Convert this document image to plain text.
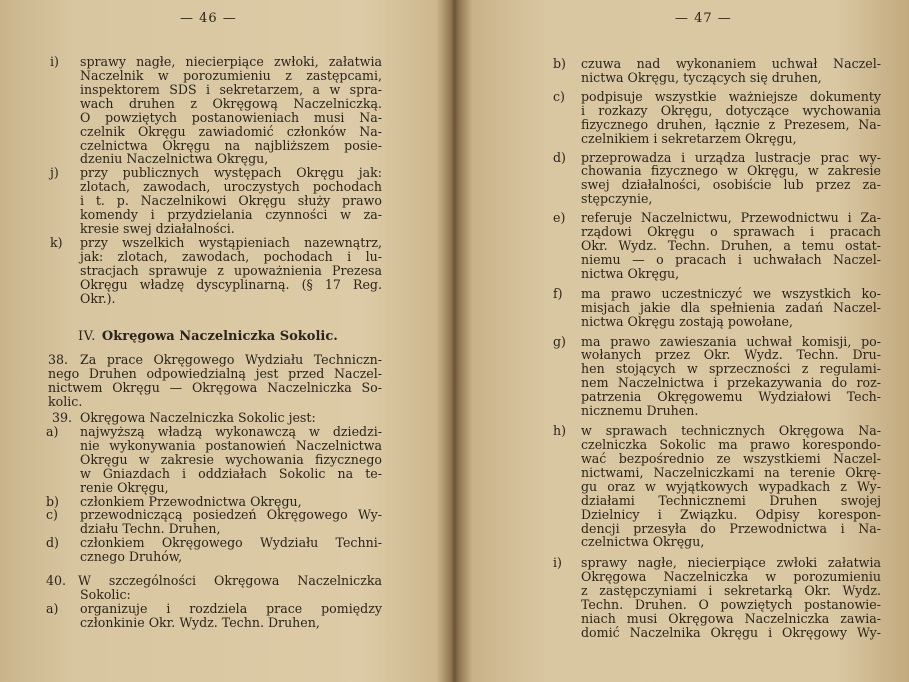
— 46 —
i) sprawy nagłe, niecierpiące zwłoki, załatwia
Naczelnik w porozumieniu z zastępcami,
inspektorem SDS i sekretarzem, a w spra-
wach druhen z Okręgową Naczelniczką.
O powziętych postanowieniach musi Na-
czelnik Okręgu zawiadomić członków Na-
czelnictwa Okręgu na najbliższem posie-
dzeniu Naczelnictwa Okręgu,
j) przy publicznych występach Okręgu jak:
zlotach, zawodach, uroczystych pochodach
i t. p. Naczelnikowi Okręgu służy prawo
komendy i przydzielania czynności w za-
kresie swej działalności.
k) przy wszelkich wystąpieniach nazewnątrz,
jak: zlotach, zawodach, pochodach i lu-
stracjach sprawuje z upoważnienia Prezesa
Okręgu władzę dyscyplinarną. (§ 17 Reg.
Okr.).
IV. Okręgowa Naczelniczka Sokolic.
38. Za prace Okręgowego Wydziału Techniczn-
nego Druhen odpowiedzialną jest przed Naczel-
nictwem Okręgu — Okręgowa Naczelniczka So-
kolic.
39. Okręgowa Naczelniczka Sokolic jest:
a) najwyższą władzą wykonawczą w dziedzi-
nie wykonywania postanowień Naczelnictwa
Okręgu w zakresie wychowania fizycznego
w Gniazdach i oddziałach Sokolic na te-
renie Okręgu,
b) członkiem Przewodnictwa Okręgu,
c) przewodniczącą posiedzeń Okręgowego Wy-
działu Techn. Druhen,
d) członkiem Okręgowego Wydziału Techni-
cznego Druhów,
40. W szczególności Okręgowa Naczelniczka
Sokolic:
a) organizuje i rozdziela prace pomiędzy
członkinie Okr. Wydz. Techn. Druhen,
— 47 —
b) czuwa nad wykonaniem uchwał Naczel-
nictwa Okręgu, tyczących się druhen,
c) podpisuje wszystkie ważniejsze dokumenty
i rozkazy Okręgu, dotyczące wychowania
fizycznego druhen, łącznie z Prezesem, Na-
czelnikiem i sekretarzem Okręgu,
d) przeprowadza i urządza lustracje prac wy-
chowania fizycznego w Okręgu, w zakresie
swej działalności, osobiście lub przez za-
stępczynie,
e) referuje Naczelnictwu, Przewodnictwu i Za-
rządowi Okręgu o sprawach i pracach
Okr. Wydz. Techn. Druhen, a temu ostat-
niemu — o pracach i uchwałach Naczel-
nictwa Okręgu,
f) ma prawo uczestniczyć we wszystkich ko-
misjach jakie dla spełnienia zadań Naczel-
nictwa Okręgu zostają powołane,
g) ma prawo zawieszania uchwał komisji, po-
wołanych przez Okr. Wydz. Techn. Dru-
hen stojących w sprzeczności z regulami-
nem Naczelnictwa i przekazywania do roz-
patrzenia Okręgowemu Wydziałowi Tech-
nicznemu Druhen.
h) w sprawach technicznych Okręgowa Na-
czelniczka Sokolic ma prawo korespondo-
wać bezpośrednio ze wszystkiemi Naczel-
nictwami, Naczelniczkami na terenie Okrę-
gu oraz w wyjątkowych wypadkach z Wy-
działami Technicznemi Druhen swojej
Dzielnicy i Związku. Odpisy korespon-
dencji przesyła do Przewodnictwa i Na-
czelnictwa Okręgu,
i) sprawy nagłe, niecierpiące zwłoki załatwia
Okręgowa Naczelniczka w porozumieniu
z zastępczyniami i sekretarką Okr. Wydz.
Techn. Druhen. O powziętych postanowie-
niach musi Okręgowa Naczelniczka zawia-
domić Naczelnika Okręgu i Okręgowy Wy-
